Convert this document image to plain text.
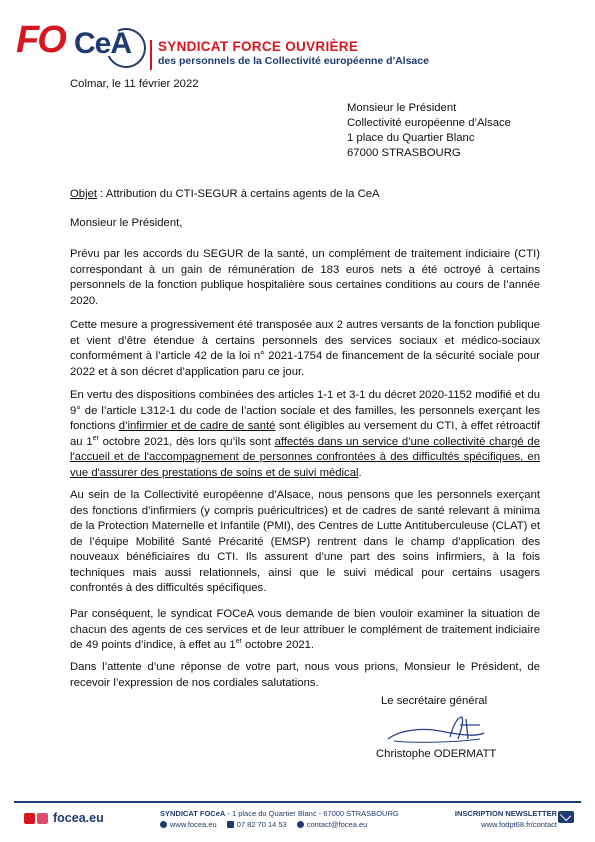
FO CeA SYNDICAT FORCE OUVRIÈRE
des personnels de la Collectivité européenne d'Alsace
Colmar, le 11 février 2022
Monsieur le Président
Collectivité européenne d’Alsace
1 place du Quartier Blanc
67000 STRASBOURG
Objet : Attribution du CTI-SEGUR à certains agents de la CeA
Monsieur le Président,

Prévu par les accords du SEGUR de la santé, un complément de traitement indiciaire (CTI) correspondant à un gain de rémunération de 183 euros nets a été octroyé à certains personnels de la fonction publique hospitalière sous certaines conditions au cours de l’année 2020.

Cette mesure a progressivement été transposée aux 2 autres versants de la fonction publique et vient d’être étendue à certains personnels des services sociaux et médico-sociaux conformément à l’article 42 de la loi n° 2021-1754 de financement de la sécurité sociale pour 2022 et à son décret d’application paru ce jour.

En vertu des dispositions combinées des articles 1-1 et 3-1 du décret 2020-1152 modifié et du 9° de l’article L312-1 du code de l’action sociale et des familles, les personnels exerçant les fonctions d’infirmier et de cadre de santé sont éligibles au versement du CTI, à effet rétroactif au 1er octobre 2021, dès lors qu’ils sont affectés dans un service d’une collectivité chargé de l'accueil et de l'accompagnement de personnes confrontées à des difficultés spécifiques, en vue d'assurer des prestations de soins et de suivi médical.

Au sein de la Collectivité européenne d’Alsace, nous pensons que les personnels exerçant des fonctions d’infirmiers (y compris puéricultrices) et de cadres de santé relevant à minima de la Protection Maternelle et Infantile (PMI), des Centres de Lutte Antituberculeuse (CLAT) et de l’équipe Mobilité Santé Précarité (EMSP) rentrent dans le champ d’application des nouveaux bénéficiaires du CTI. Ils assurent d’une part des soins infirmiers, à la fois techniques mais aussi relationnels, ainsi que le suivi médical pour certains usagers confrontés à des difficultés spécifiques.

Par conséquent, le syndicat FOCeA vous demande de bien vouloir examiner la situation de chacun des agents de ces services et de leur attribuer le complément de traitement indiciaire de 49 points d’indice, à effet au 1er octobre 2021.

Dans l’attente d’une réponse de votre part, nous vous prions, Monsieur le Président, de recevoir l’expression de nos cordiales salutations.

Le secrétaire général
Christophe ODERMATT
focea.eu	SYNDICAT FOCeA - 1 place du Quartier Blanc - 67000 STRASBOURG
www.focea.eu	07 82 70 14 53	contact@focea.eu
INSCRIPTION NEWSLETTER
www.fodpt68.fr/contact
